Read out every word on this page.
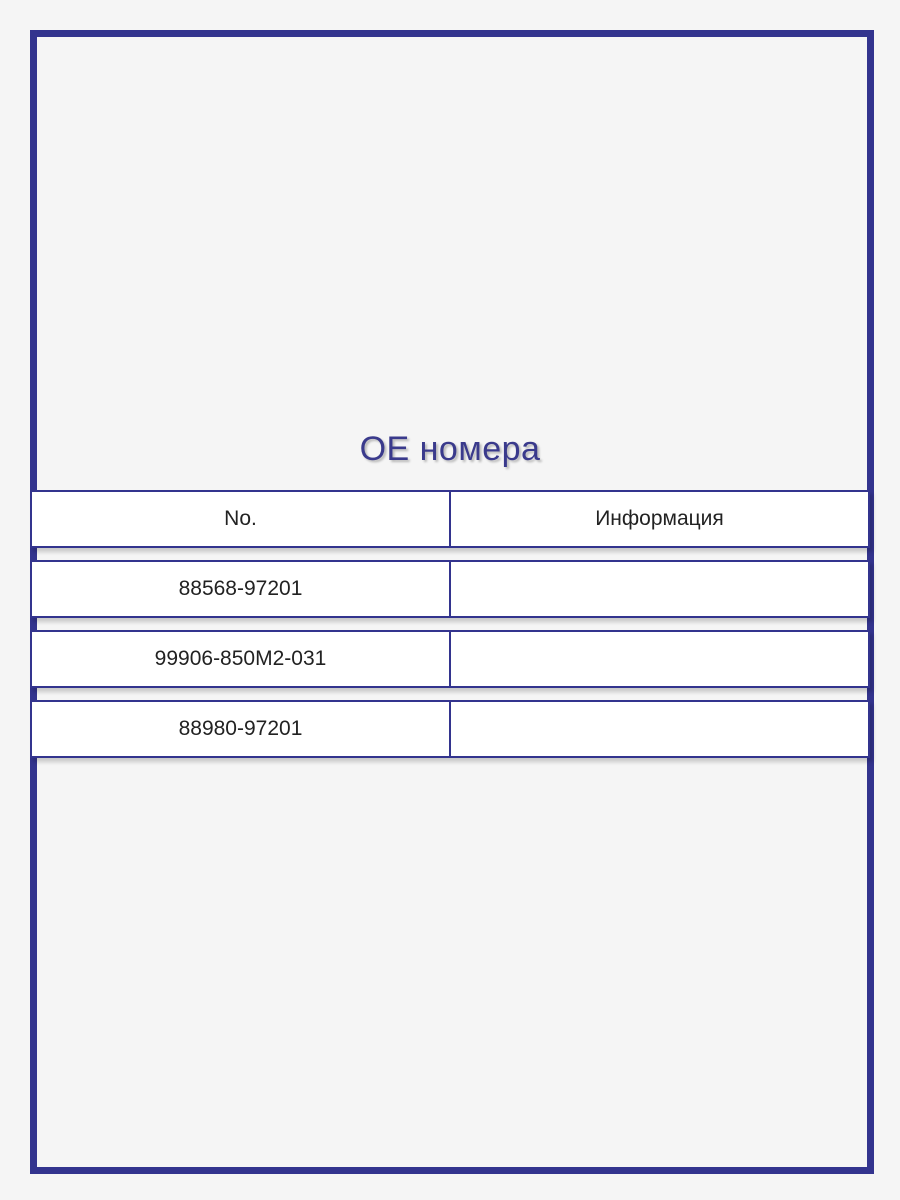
OE номера
No.	Информация
88568-97201
99906-850M2-031
88980-97201
